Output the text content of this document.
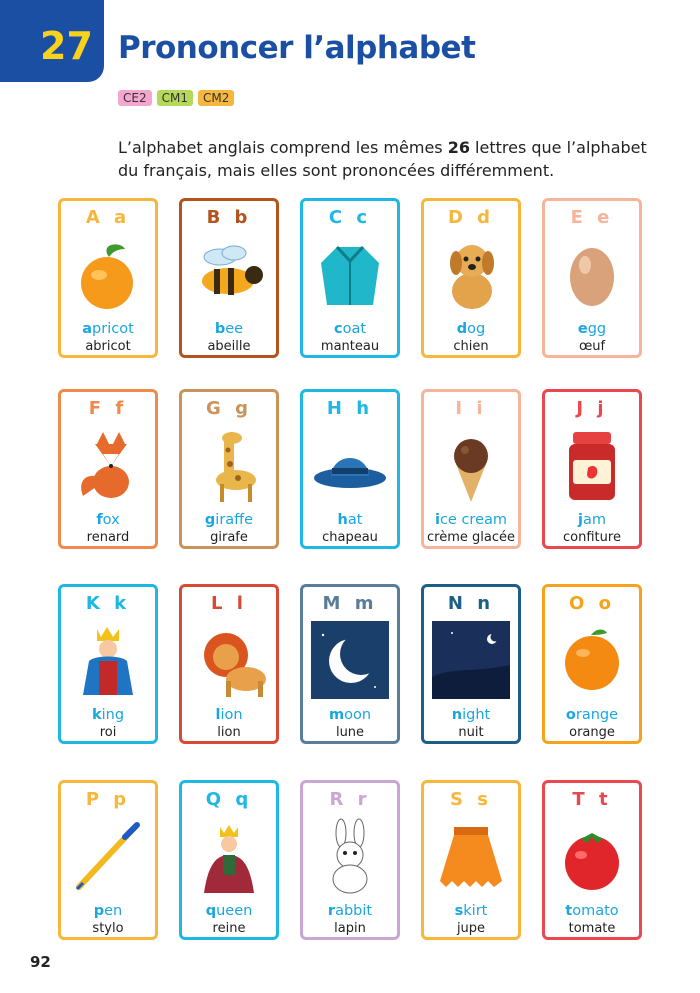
27 Prononcer l’alphabet
CE2	CM1	CM2
L’alphabet anglais comprend les mêmes 26 lettres que l’alphabet du français, mais elles sont prononcées différemment.
A a
apricot
abricot
B b
bee
abeille
C c
coat
manteau
D d
dog
chien
E e
egg
œuf
F f
fox
renard
G g
giraffe
girafe
H h
hat
chapeau
I i
ice cream
crème glacée
J j
jam
confiture
K k
king
roi
L l
lion
lion
M m
moon
lune
N n
night
nuit
O o
orange
orange
P p
pen
stylo
Q q
queen
reine
R r
rabbit
lapin
S s
skirt
jupe
T t
tomato
tomate
92
